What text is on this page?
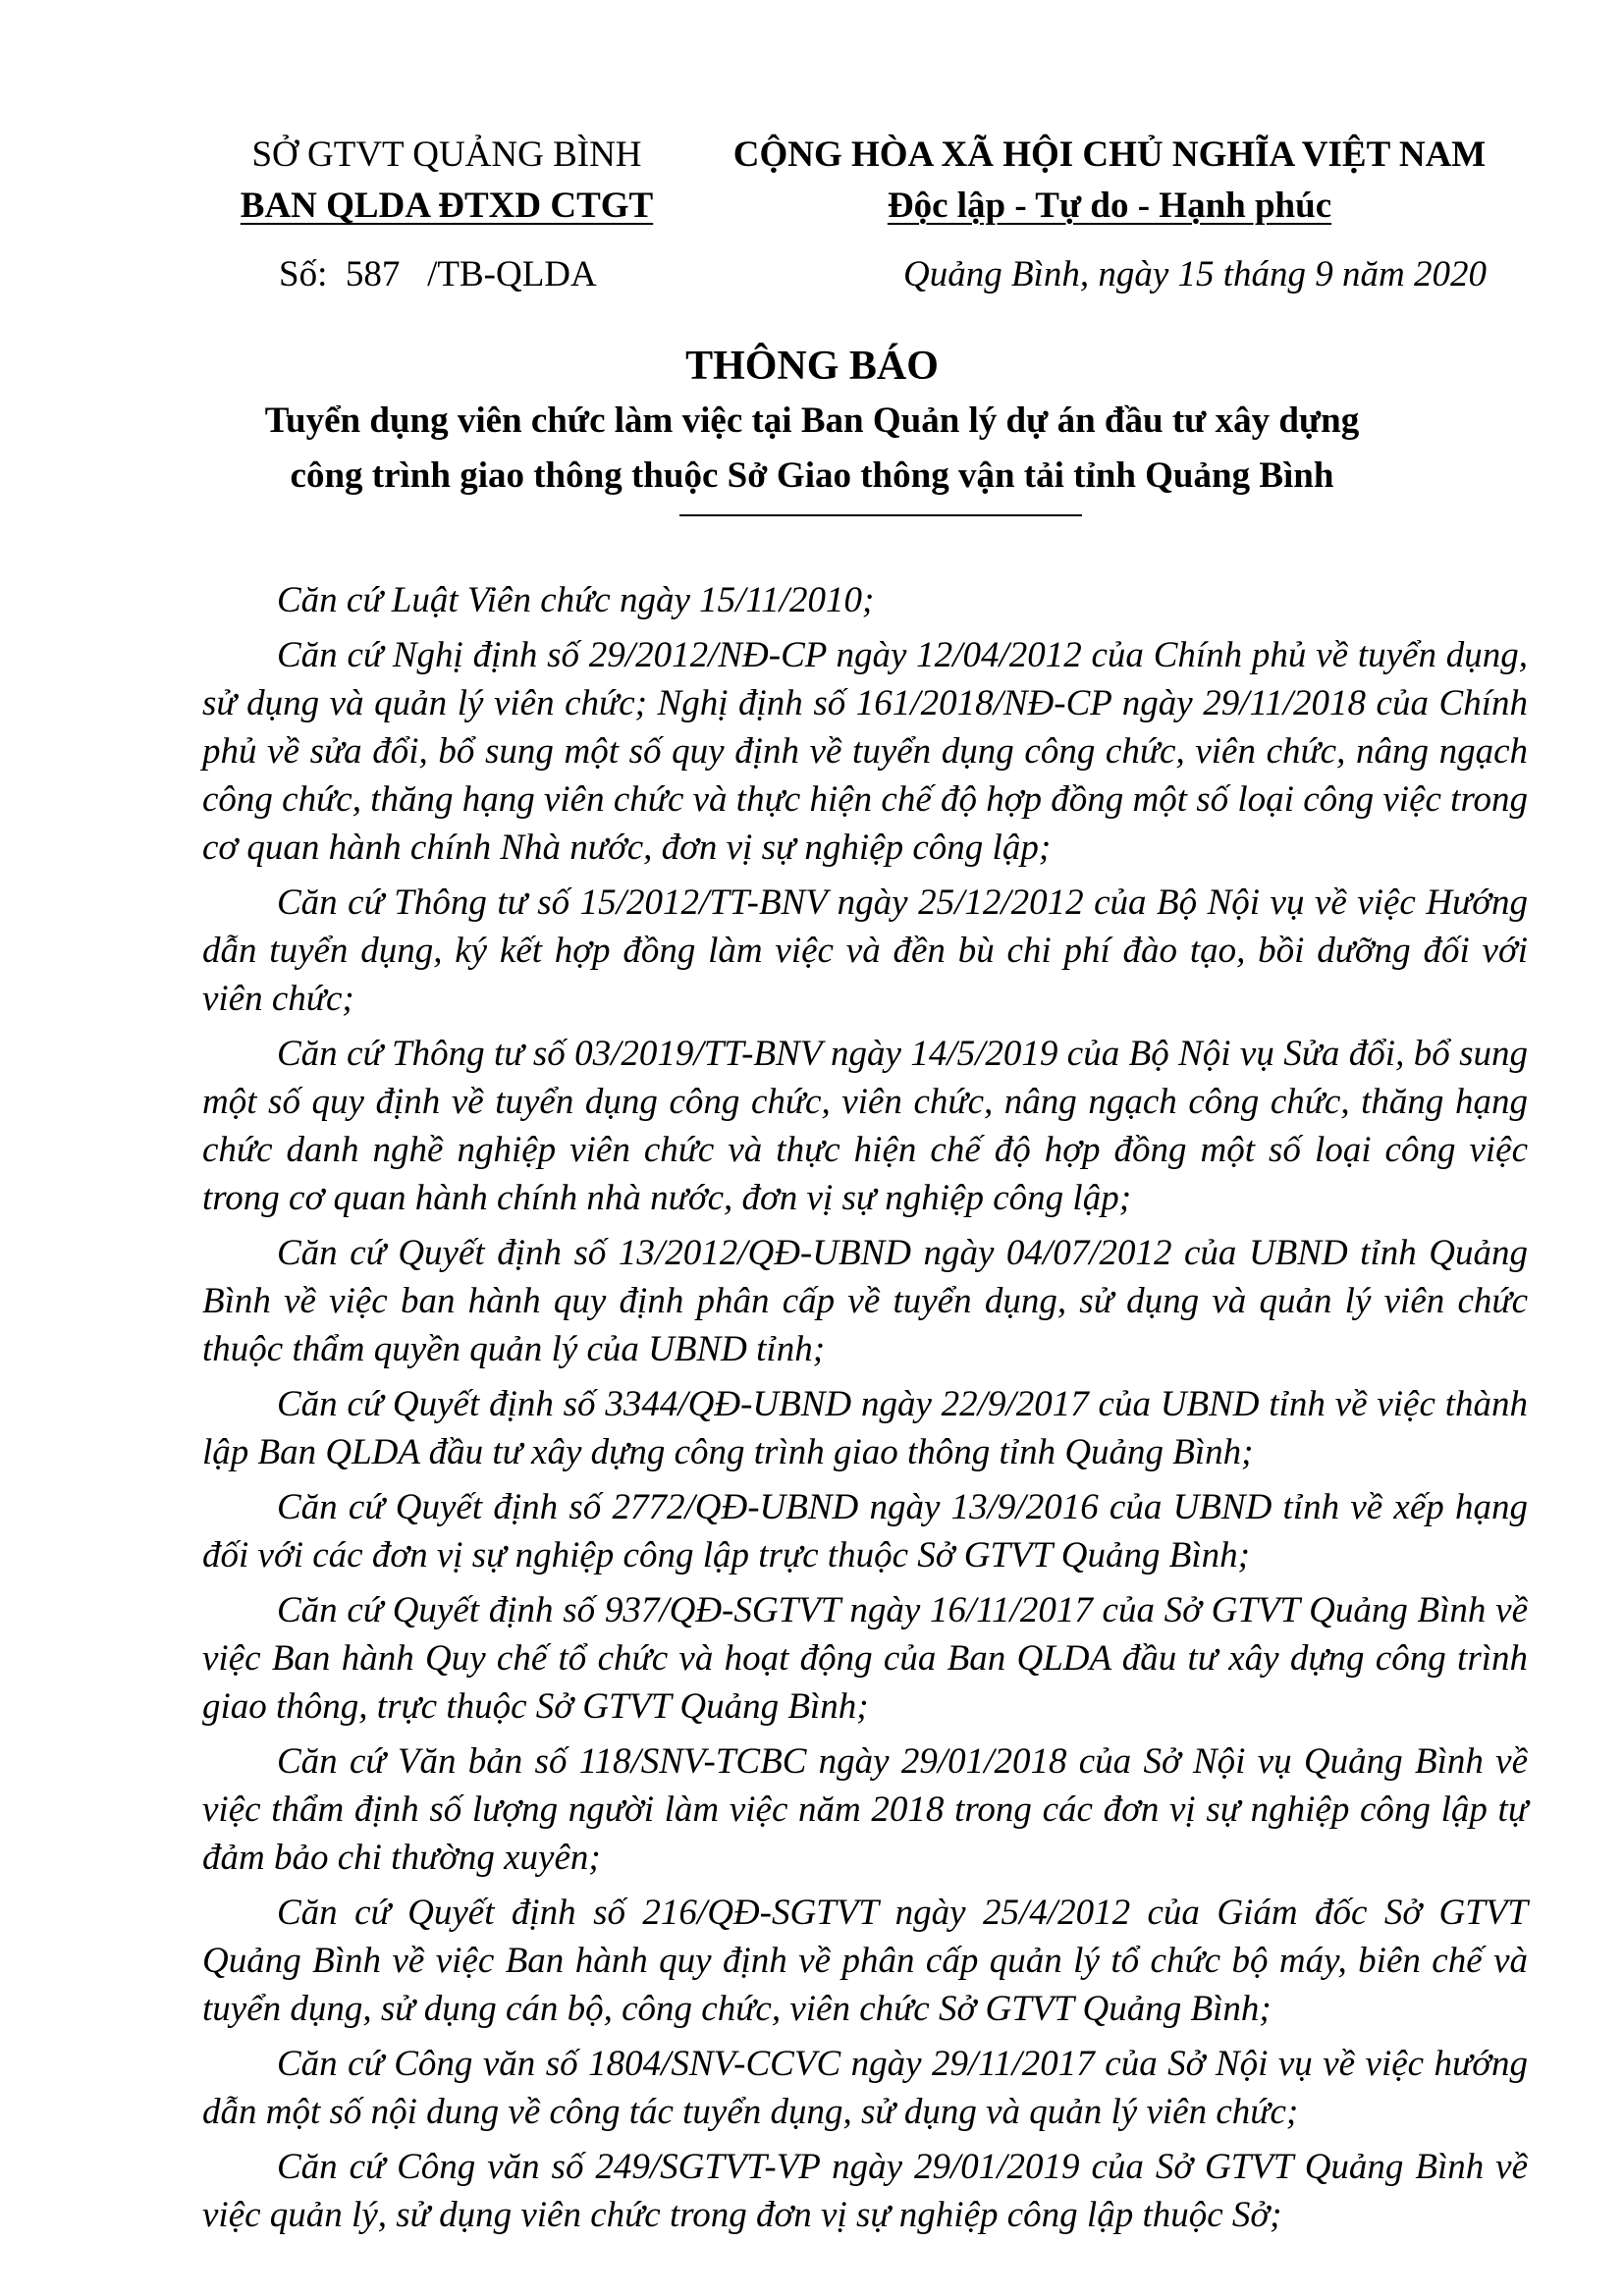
SỞ GTVT QUẢNG BÌNH
BAN QLDA ĐTXD CTGT
CỘNG HÒA XÃ HỘI CHỦ NGHĨA VIỆT NAM
Độc lập - Tự do - Hạnh phúc
Số: 587 /TB-QLDA	Quảng Bình, ngày 15 tháng 9 năm 2020
THÔNG BÁO
Tuyển dụng viên chức làm việc tại Ban Quản lý dự án đầu tư xây dựng
công trình giao thông thuộc Sở Giao thông vận tải tỉnh Quảng Bình

Căn cứ Luật Viên chức ngày 15/11/2010;

Căn cứ Nghị định số 29/2012/NĐ-CP ngày 12/04/2012 của Chính phủ về tuyển dụng, sử dụng và quản lý viên chức; Nghị định số 161/2018/NĐ-CP ngày 29/11/2018 của Chính phủ về sửa đổi, bổ sung một số quy định về tuyển dụng công chức, viên chức, nâng ngạch công chức, thăng hạng viên chức và thực hiện chế độ hợp đồng một số loại công việc trong cơ quan hành chính Nhà nước, đơn vị sự nghiệp công lập;

Căn cứ Thông tư số 15/2012/TT-BNV ngày 25/12/2012 của Bộ Nội vụ về việc Hướng dẫn tuyển dụng, ký kết hợp đồng làm việc và đền bù chi phí đào tạo, bồi dưỡng đối với viên chức;

Căn cứ Thông tư số 03/2019/TT-BNV ngày 14/5/2019 của Bộ Nội vụ Sửa đổi, bổ sung một số quy định về tuyển dụng công chức, viên chức, nâng ngạch công chức, thăng hạng chức danh nghề nghiệp viên chức và thực hiện chế độ hợp đồng một số loại công việc trong cơ quan hành chính nhà nước, đơn vị sự nghiệp công lập;

Căn cứ Quyết định số 13/2012/QĐ-UBND ngày 04/07/2012 của UBND tỉnh Quảng Bình về việc ban hành quy định phân cấp về tuyển dụng, sử dụng và quản lý viên chức thuộc thẩm quyền quản lý của UBND tỉnh;

Căn cứ Quyết định số 3344/QĐ-UBND ngày 22/9/2017 của UBND tỉnh về việc thành lập Ban QLDA đầu tư xây dựng công trình giao thông tỉnh Quảng Bình;

Căn cứ Quyết định số 2772/QĐ-UBND ngày 13/9/2016 của UBND tỉnh về xếp hạng đối với các đơn vị sự nghiệp công lập trực thuộc Sở GTVT Quảng Bình;

Căn cứ Quyết định số 937/QĐ-SGTVT ngày 16/11/2017 của Sở GTVT Quảng Bình về việc Ban hành Quy chế tổ chức và hoạt động của Ban QLDA đầu tư xây dựng công trình giao thông, trực thuộc Sở GTVT Quảng Bình;

Căn cứ Văn bản số 118/SNV-TCBC ngày 29/01/2018 của Sở Nội vụ Quảng Bình về việc thẩm định số lượng người làm việc năm 2018 trong các đơn vị sự nghiệp công lập tự đảm bảo chi thường xuyên;

Căn cứ Quyết định số 216/QĐ-SGTVT ngày 25/4/2012 của Giám đốc Sở GTVT Quảng Bình về việc Ban hành quy định về phân cấp quản lý tổ chức bộ máy, biên chế và tuyển dụng, sử dụng cán bộ, công chức, viên chức Sở GTVT Quảng Bình;

Căn cứ Công văn số 1804/SNV-CCVC ngày 29/11/2017 của Sở Nội vụ về việc hướng dẫn một số nội dung về công tác tuyển dụng, sử dụng và quản lý viên chức;

Căn cứ Công văn số 249/SGTVT-VP ngày 29/01/2019 của Sở GTVT Quảng Bình về việc quản lý, sử dụng viên chức trong đơn vị sự nghiệp công lập thuộc Sở;
